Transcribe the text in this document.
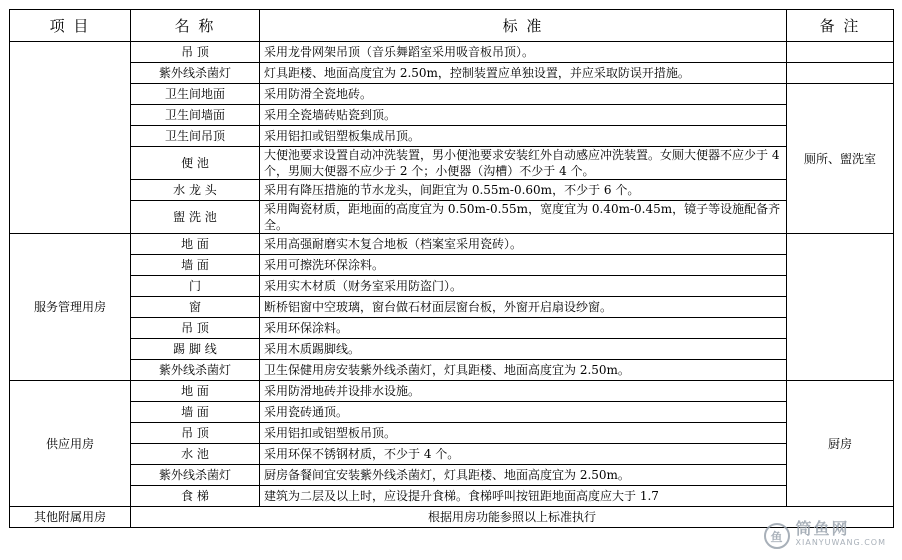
项 目	名 称	标 准	备 注
	吊 顶	采用龙骨网架吊顶（音乐舞蹈室采用吸音板吊顶）。	
	紫外线杀菌灯	灯具距楼、地面高度宜为 2.50m，控制装置应单独设置，并应采取防误开措施。	
	卫生间地面	采用防滑全瓷地砖。	厕所、盥洗室
	卫生间墙面	采用全瓷墙砖贴瓷到顶。	
	卫生间吊顶	采用铝扣或铝塑板集成吊顶。	
	便 池	大便池要求设置自动冲洗装置，男小便池要求安装红外自动感应冲洗装置。女厕大便器不应少于 4 个，男厕大便器不应少于 2 个；小便器（沟槽）不少于 4 个。	
	水 龙 头	采用有降压措施的节水龙头，间距宜为 0.55m-0.60m，不少于 6 个。	
	盥 洗 池	采用陶瓷材质，距地面的高度宜为 0.50m-0.55m，宽度宜为 0.40m-0.45m，镜子等设施配备齐全。	
服务管理用房	地 面	采用高强耐磨实木复合地板（档案室采用瓷砖）。	
	墙 面	采用可擦洗环保涂料。	
	门	采用实木材质（财务室采用防盗门）。	
	窗	断桥铝窗中空玻璃，窗台做石材面层窗台板，外窗开启扇设纱窗。	
	吊 顶	采用环保涂料。	
	踢 脚 线	采用木质踢脚线。	
	紫外线杀菌灯	卫生保健用房安装紫外线杀菌灯，灯具距楼、地面高度宜为 2.50m。	
供应用房	地 面	采用防滑地砖并设排水设施。	厨房
	墙 面	采用瓷砖通顶。	
	吊 顶	采用铝扣或铝塑板吊顶。	
	水 池	采用环保不锈钢材质，不少于 4 个。	
	紫外线杀菌灯	厨房备餐间宜安装紫外线杀菌灯，灯具距楼、地面高度宜为 2.50m。	
	食 梯	建筑为二层及以上时，应设提升食梯。食梯呼叫按钮距地面高度应大于 1.7	
其他附属用房	根据用房功能参照以上标准执行		
鱼 筒鱼网
XIANYUWANG.COM
